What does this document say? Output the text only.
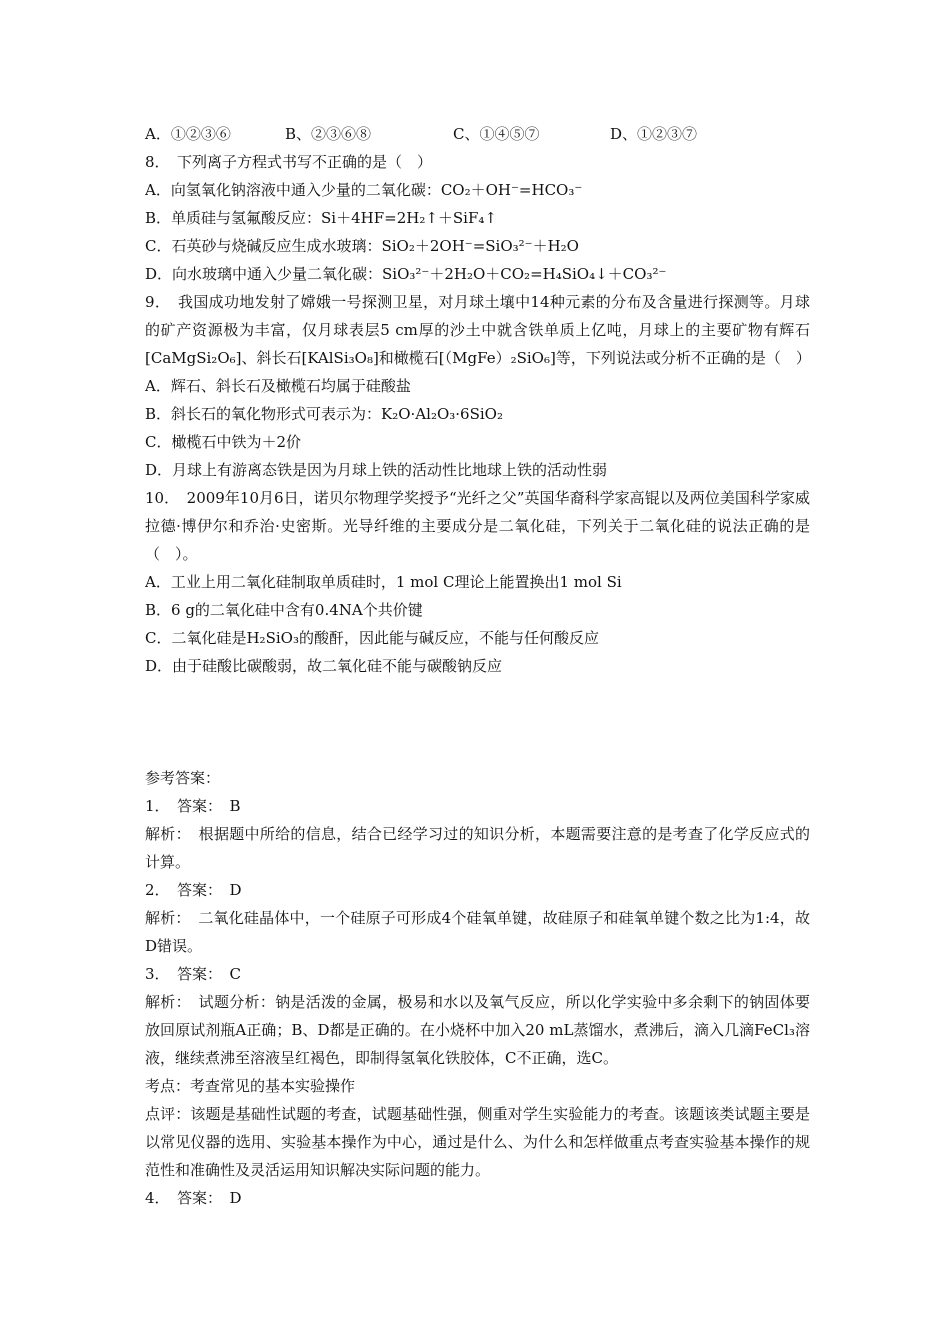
A．①②③⑥	B、②③⑥⑧	C、①④⑤⑦	D、①②③⑦
8．　下列离子方程式书写不正确的是（　）
A．向氢氧化钠溶液中通入少量的二氧化碳：CO₂＋OH⁻=HCO₃⁻
B．单质硅与氢氟酸反应：Si＋4HF=2H₂↑＋SiF₄↑
C．石英砂与烧碱反应生成水玻璃：SiO₂＋2OH⁻=SiO₃²⁻＋H₂O
D．向水玻璃中通入少量二氧化碳：SiO₃²⁻＋2H₂O＋CO₂=H₄SiO₄↓＋CO₃²⁻
9．　我国成功地发射了嫦娥一号探测卫星，对月球土壤中14种元素的分布及含量进行探测等。月球的矿产资源极为丰富，仅月球表层5 cm厚的沙土中就含铁单质上亿吨，月球上的主要矿物有辉石[CaMgSi₂O₆]、斜长石[KAlSi₃O₈]和橄榄石[（MgFe）₂SiO₆]等，下列说法或分析不正确的是（　）
A．辉石、斜长石及橄榄石均属于硅酸盐
B．斜长石的氧化物形式可表示为：K₂O·Al₂O₃·6SiO₂
C．橄榄石中铁为＋2价
D．月球上有游离态铁是因为月球上铁的活动性比地球上铁的活动性弱
10．　2009年10月6日，诺贝尔物理学奖授予“光纤之父”英国华裔科学家高锟以及两位美国科学家威拉德·博伊尔和乔治·史密斯。光导纤维的主要成分是二氧化硅，下列关于二氧化硅的说法正确的是（　）。
A．工业上用二氧化硅制取单质硅时，1 mol C理论上能置换出1 mol Si
B．6 g的二氧化硅中含有0.4NA个共价键
C．二氧化硅是H₂SiO₃的酸酐，因此能与碱反应，不能与任何酸反应
D．由于硅酸比碳酸弱，故二氧化硅不能与碳酸钠反应
参考答案：
1．　答案：　B
解析：　根据题中所给的信息，结合已经学习过的知识分析，本题需要注意的是考查了化学反应式的计算。
2．　答案：　D
解析：　二氧化硅晶体中，一个硅原子可形成4个硅氧单键，故硅原子和硅氧单键个数之比为1:4，故D错误。
3．　答案：　C
解析：　试题分析：钠是活泼的金属，极易和水以及氧气反应，所以化学实验中多余剩下的钠固体要放回原试剂瓶A正确；B、D都是正确的。在小烧杯中加入20 mL蒸馏水，煮沸后，滴入几滴FeCl₃溶液，继续煮沸至溶液呈红褐色，即制得氢氧化铁胶体，C不正确，选C。
考点：考查常见的基本实验操作
点评：该题是基础性试题的考查，试题基础性强，侧重对学生实验能力的考查。该题该类试题主要是以常见仪器的选用、实验基本操作为中心，通过是什么、为什么和怎样做重点考查实验基本操作的规范性和准确性及灵活运用知识解决实际问题的能力。
4．　答案：　D
